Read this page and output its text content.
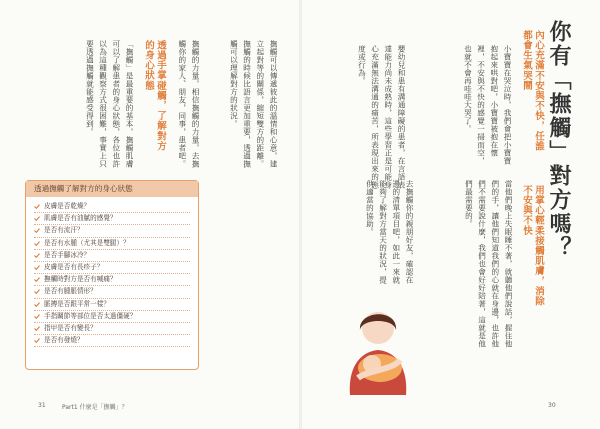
你有「撫觸」對方嗎？
內心充滿不安與不快，任誰都會生氣哭鬧
小寶寶在哭泣時，我們會把小寶寶抱起來哄對吧，小寶寶被抱在懷裡，不安與不快的感覺一掃而空，也就不會再哇哇大哭了。
嬰幼兒和患有溝通障礙的患者，在言語表達能力尚未成熟時，這些學習正是可能身心充滿無法溝通的痛苦，所表現出來的態度或行為。
用掌心輕柔接觸肌膚，消除不安與不快
當他們晚上失眠睡不著，就聽他們說話，握住他們的手，讓他們知道我們的心就在身邊，也許他們不需要說什麼，我們也會好好陪著，這就是他們最需要的。
去撫觸你的親朋好友，確認在邊的清單項目吧，如此一來就能夠了解對方當天的狀況，提供適當的協助。
30
撫觸可以傳遞彼此的溫情和心意，建立起對等的關係，縮短雙方的距離。撫觸的時候比語言更加重要，透過撫觸可以理解對方的狀況。
撫觸的力量，相信撫觸的力量，去撫觸你的家人、朋友，同事，患者吧。
透過手掌碰觸，了解對方的身心狀態
「撫觸」是最重要的基本，撫觸肌膚可以了解患者的身心狀態，各位也許以為這種觀察方式很困難，事實上只要透過撫觸就能感受得到。
透過撫觸了解對方的身心狀態
皮膚是否乾燥？
肌膚是否有油膩的感覺？
是否有流汗？
是否有水腫（尤其是雙腿）？
是否手腳冰冷？
皮膚是否有長疹子？
撫觸時對方是否有喊痛？
是否有腫脹情形？
脈搏是否跟平常一樣？
手指關節等部位是否太過僵硬？
指甲是否有變長？
是否有發燒？
31	Part1 什麼是「撫觸」？
